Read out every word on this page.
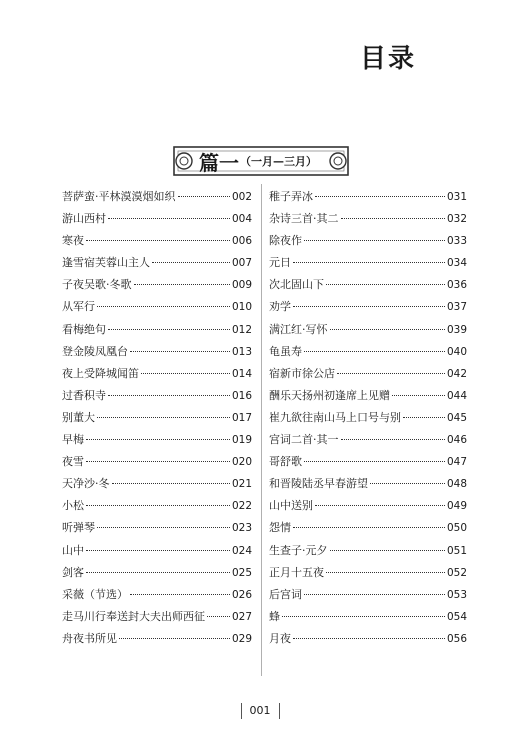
目录
篇一 （一月—三月）
菩萨蛮·平林漠漠烟如织	002
游山西村	004
寒夜	006
逢雪宿芙蓉山主人	007
子夜吴歌·冬歌	009
从军行	010
看梅绝句	012
登金陵凤凰台	013
夜上受降城闻笛	014
过香积寺	016
别董大	017
早梅	019
夜雪	020
天净沙·冬	021
小松	022
听弹琴	023
山中	024
剑客	025
采薇（节选）	026
走马川行奉送封大夫出师西征	027
舟夜书所见	029
稚子弄冰	031
杂诗三首·其二	032
除夜作	033
元日	034
次北固山下	036
劝学	037
满江红·写怀	039
龟虽寿	040
宿新市徐公店	042
酬乐天扬州初逢席上见赠	044
崔九欲往南山马上口号与别	045
宫词二首·其一	046
哥舒歌	047
和晋陵陆丞早春游望	048
山中送别	049
怨情	050
生查子·元夕	051
正月十五夜	052
后宫词	053
蜂	054
月夜	056
001
